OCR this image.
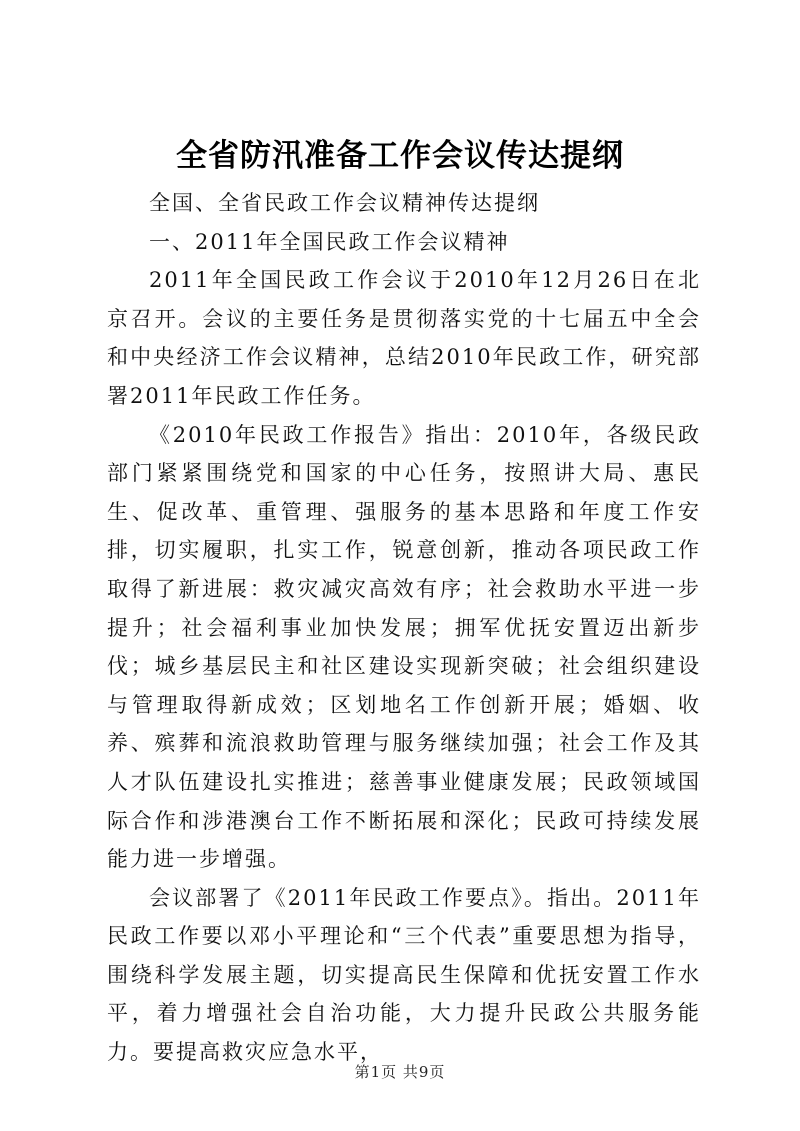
全省防汛准备工作会议传达提纲

全国、全省民政工作会议精神传达提纲

一、2011年全国民政工作会议精神

2011年全国民政工作会议于2010年12月26日在北京召开。会议的主要任务是贯彻落实党的十七届五中全会和中央经济工作会议精神，总结2010年民政工作，研究部署2011年民政工作任务。

《2010年民政工作报告》指出：2010年，各级民政部门紧紧围绕党和国家的中心任务，按照讲大局、惠民生、促改革、重管理、强服务的基本思路和年度工作安排，切实履职，扎实工作，锐意创新，推动各项民政工作取得了新进展：救灾减灾高效有序；社会救助水平进一步提升；社会福利事业加快发展；拥军优抚安置迈出新步伐；城乡基层民主和社区建设实现新突破；社会组织建设与管理取得新成效；区划地名工作创新开展；婚姻、收养、殡葬和流浪救助管理与服务继续加强；社会工作及其人才队伍建设扎实推进；慈善事业健康发展；民政领域国际合作和涉港澳台工作不断拓展和深化；民政可持续发展能力进一步增强。

会议部署了《2011年民政工作要点》。指出。2011年民政工作要以邓小平理论和“三个代表”重要思想为指导，围绕科学发展主题，切实提高民生保障和优抚安置工作水平，着力增强社会自治功能，大力提升民政公共服务能力。要提高救灾应急水平，

第1页 共9页
